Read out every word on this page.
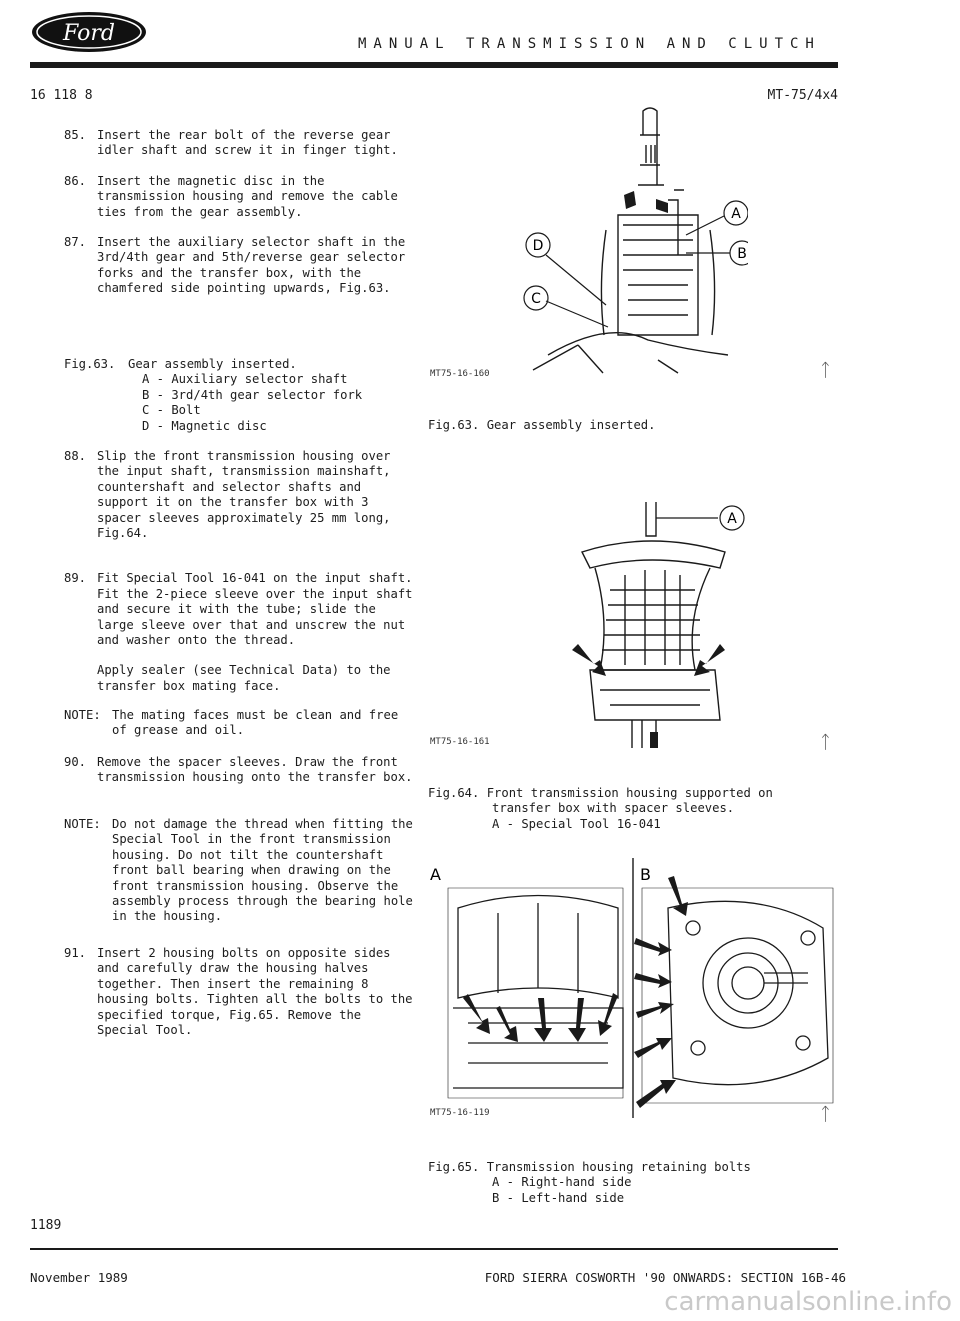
Ford	MANUAL TRANSMISSION AND CLUTCH
16 118 8	MT-75/4x4

85. Insert the rear bolt of the reverse gear idler shaft and screw it in finger tight.

86. Insert the magnetic disc in the transmission housing and remove the cable ties from the gear assembly.

87. Insert the auxiliary selector shaft in the 3rd/4th gear and 5th/reverse gear selector forks and the transfer box, with the chamfered side pointing upwards, Fig.63.

Fig.63. Gear assembly inserted.

A - Auxiliary selector shaft

B - 3rd/4th gear selector fork

C - Bolt

D - Magnetic disc

88. Slip the front transmission housing over the input shaft, transmission mainshaft, countershaft and selector shafts and support it on the transfer box with 3 spacer sleeves approximately 25 mm long, Fig.64.

89. Fit Special Tool 16-041 on the input shaft. Fit the 2-piece sleeve over the input shaft and secure it with the tube; slide the large sleeve over that and unscrew the nut and washer onto the thread.

Apply sealer (see Technical Data) to the transfer box mating face.

NOTE: The mating faces must be clean and free of grease and oil.

90. Remove the spacer sleeves. Draw the front transmission housing onto the transfer box.

NOTE: Do not damage the thread when fitting the Special Tool in the front transmission housing. Do not tilt the countershaft front ball bearing when drawing on the front transmission housing. Observe the assembly process through the bearing hole in the housing.

91. Insert 2 housing bolts on opposite sides and carefully draw the housing halves together. Then insert the remaining 8 housing bolts. Tighten all the bolts to the specified torque, Fig.65. Remove the Special Tool.

A
B
C
D
MT75-16-160	ᛏ
Fig.63. Gear assembly inserted.
A
MT75-16-161	ᛏ
Fig.64. Front transmission housing supported on
transfer box with spacer sleeves.
A - Special Tool 16-041
A	B
MT75-16-119	ᛏ
Fig.65. Transmission housing retaining bolts
A - Right-hand side
B - Left-hand side
1189
November 1989	FORD SIERRA COSWORTH '90 ONWARDS: SECTION 16B-46
carmanualsonline.info
